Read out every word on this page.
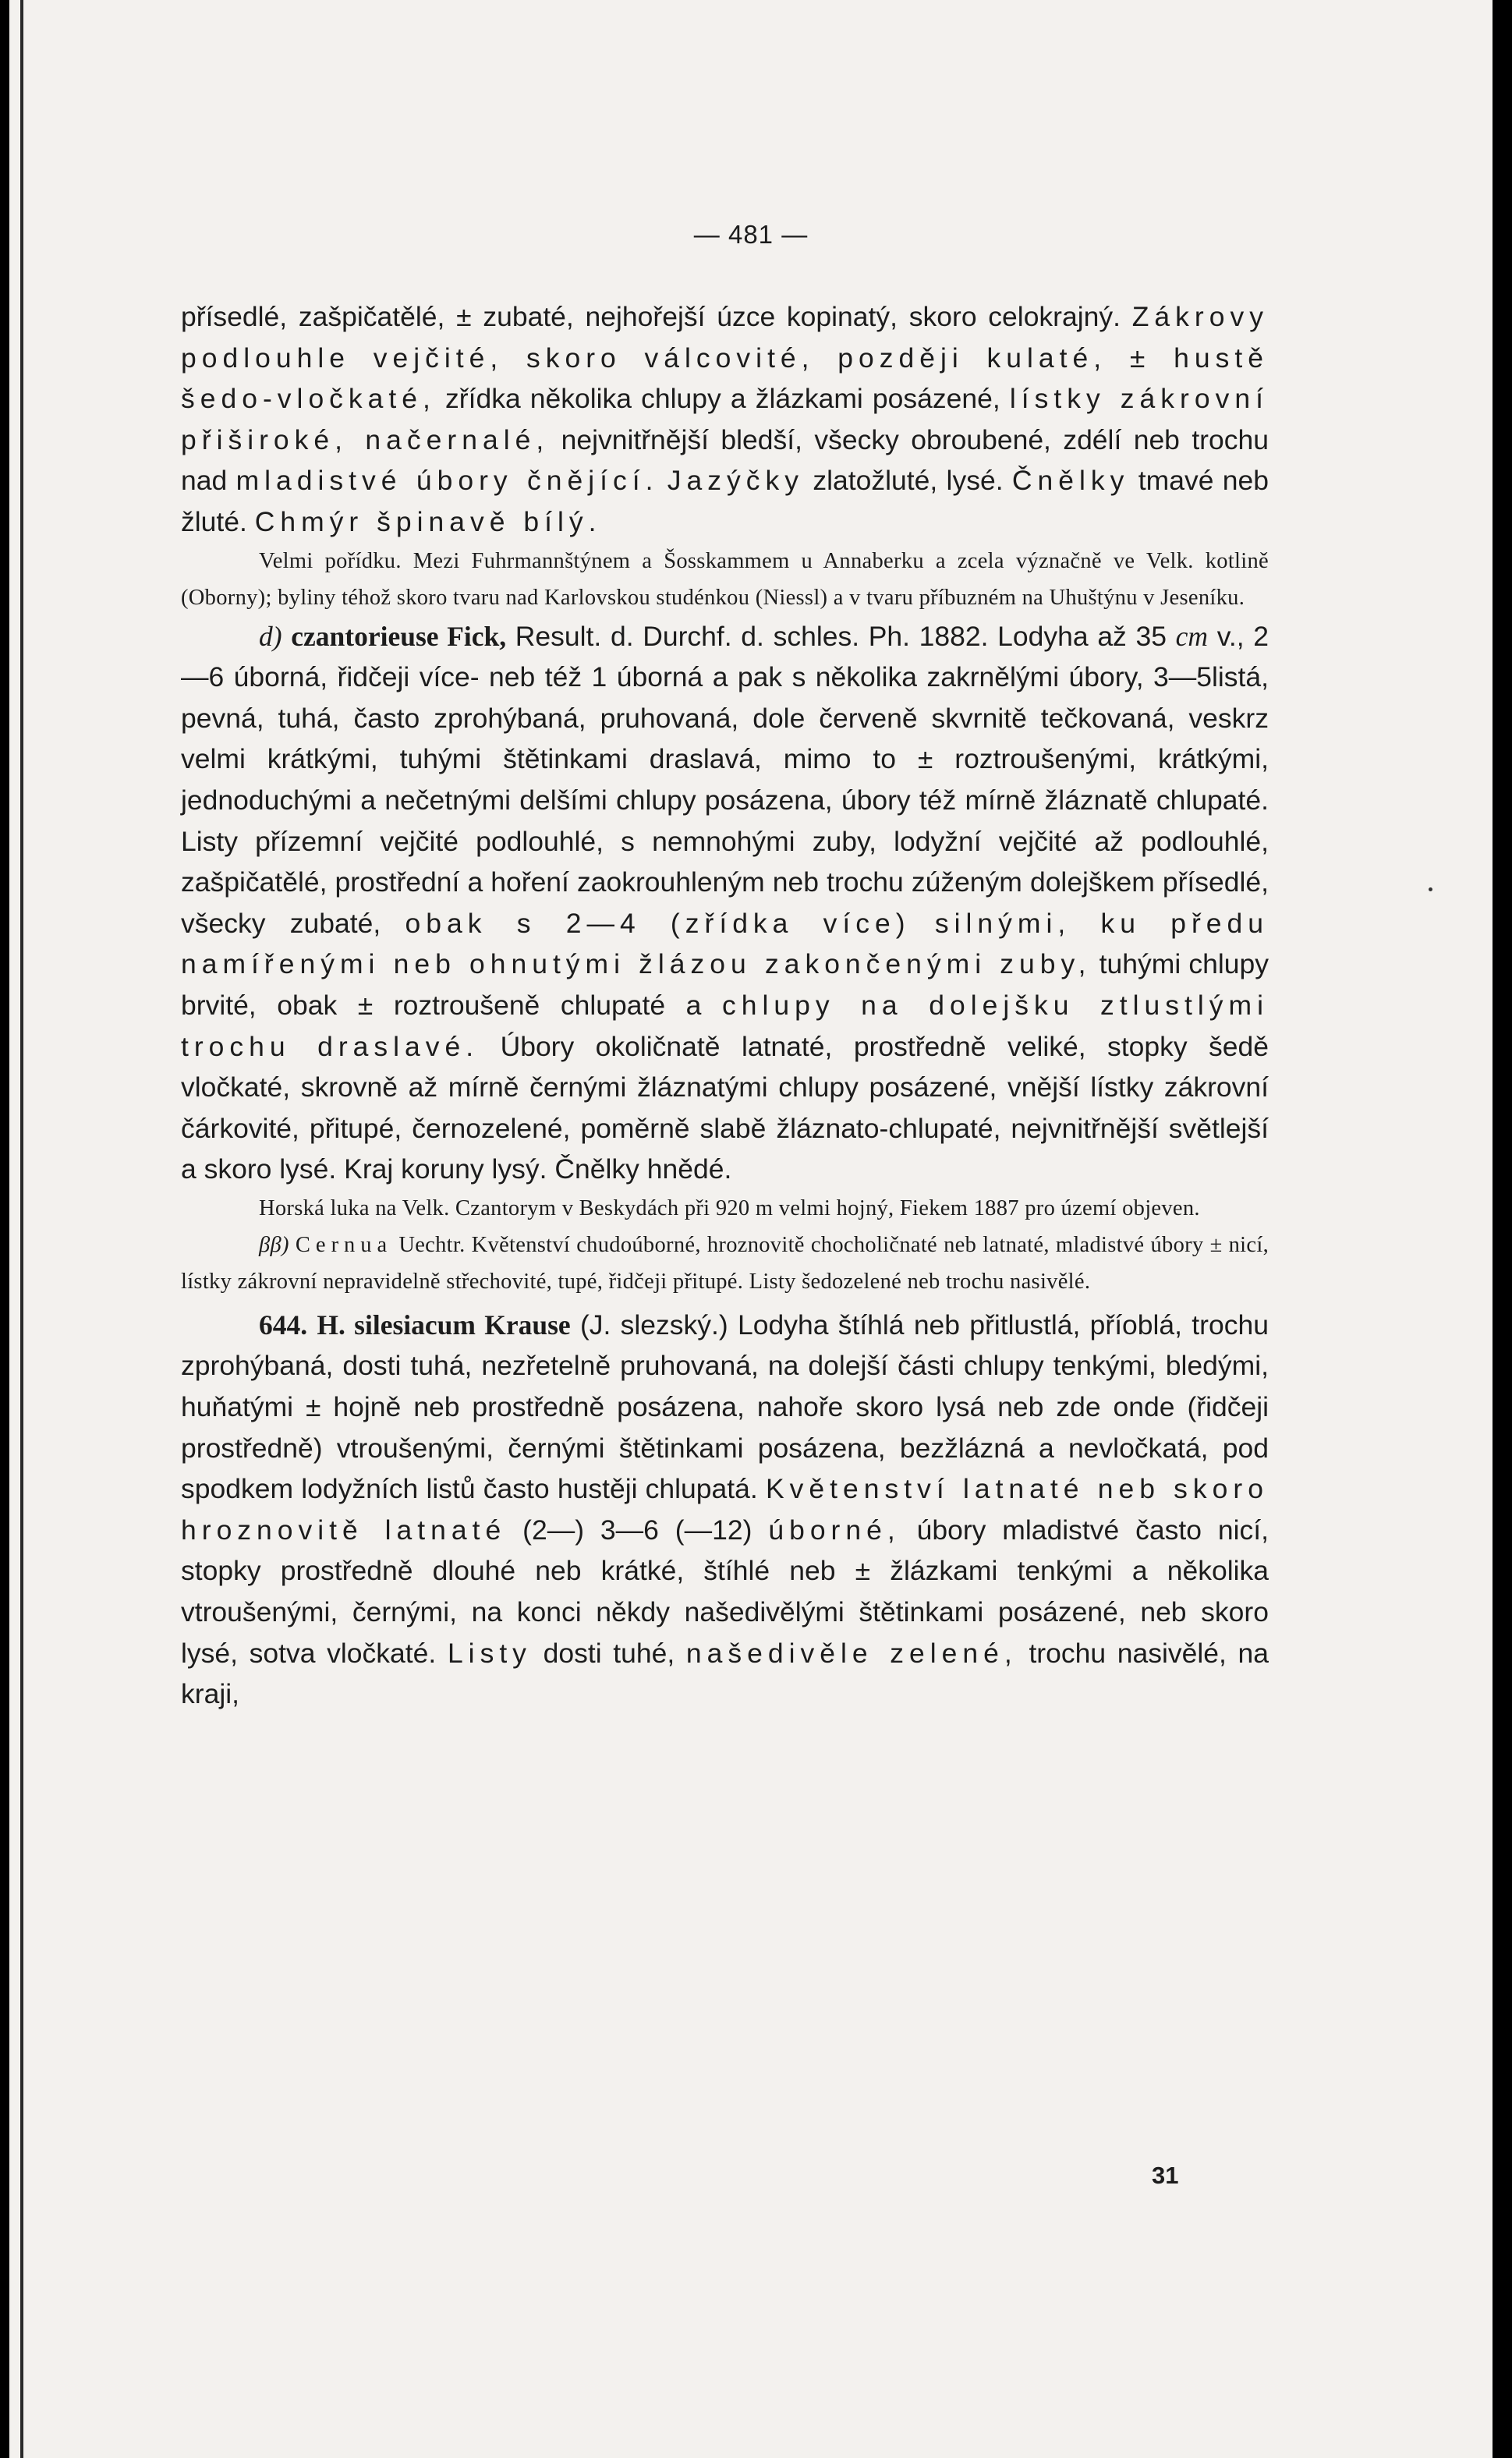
— 481 —

přísedlé, zašpičatělé, ± zubaté, nejhořejší úzce kopinatý, skoro celokrajný. Zákrovy podlouhle vejčité, skoro válcovité, později kulaté, ± hustě šedo-vločkaté, zřídka několika chlupy a žlázkami posázené, lístky zákrovní přiširoké, načernalé, nejvnitřnější bledší, všecky obroubené, zdélí neb trochu nad mladistvé úbory čnějící. Jazýčky zlatožluté, lysé. Čnělky tmavé neb žluté. Chmýr špinavě bílý.

Velmi pořídku. Mezi Fuhrmannštýnem a Šosskammem u Annaberku a zcela význačně ve Velk. kotlině (Oborny); byliny téhož skoro tvaru nad Karlovskou studénkou (Niessl) a v tvaru příbuzném na Uhuštýnu v Jeseníku.

d) czantorieuse Fick, Result. d. Durchf. d. schles. Ph. 1882. Lodyha až 35 cm v., 2—6 úborná, řidčeji více- neb též 1 úborná a pak s několika zakrnělými úbory, 3—5listá, pevná, tuhá, často zprohýbaná, pruhovaná, dole červeně skvrnitě tečkovaná, veskrz velmi krátkými, tuhými štětinkami draslavá, mimo to ± roztroušenými, krátkými, jednoduchými a nečetnými delšími chlupy posázena, úbory též mírně žláznatě chlupaté. Listy přízemní vejčité podlouhlé, s nemnohými zuby, lodyžní vejčité až podlouhlé, zašpičatělé, prostřední a hoření zaokrouhleným neb trochu zúženým dolejškem přísedlé, všecky zubaté, obak s 2—4 (zřídka více) silnými, ku předu namířenými neb ohnutými žlázou zakončenými zuby, tuhými chlupy brvité, obak ± roztroušeně chlupaté a chlupy na dolejšku ztlustlými trochu draslavé. Úbory okoličnatě latnaté, prostředně veliké, stopky šedě vločkaté, skrovně až mírně černými žláznatými chlupy posázené, vnější lístky zákrovní čárkovité, přitupé, černozelené, poměrně slabě žláznato-chlupaté, nejvnitřnější světlejší a skoro lysé. Kraj koruny lysý. Čnělky hnědé.

Horská luka na Velk. Czantorym v Beskydách při 920 m velmi hojný, Fiekem 1887 pro území objeven.

ββ) Cernua Uechtr. Květenství chudoúborné, hroznovitě chocholičnaté neb latnaté, mladistvé úbory ± nicí, lístky zákrovní nepravidelně střechovité, tupé, řidčeji přitupé. Listy šedozelené neb trochu nasivělé.

644. H. silesiacum Krause (J. slezský.) Lodyha štíhlá neb přitlustlá, příoblá, trochu zprohýbaná, dosti tuhá, nezřetelně pruhovaná, na dolejší části chlupy tenkými, bledými, huňatými ± hojně neb prostředně posázena, nahoře skoro lysá neb zde onde (řidčeji prostředně) vtroušenými, černými štětinkami posázena, bezžlázná a nevločkatá, pod spodkem lodyžních listů často hustěji chlupatá. Květenství latnaté neb skoro hroznovitě latnaté (2—) 3—6 (—12) úborné, úbory mladistvé často nicí, stopky prostředně dlouhé neb krátké, štíhlé neb ± žlázkami tenkými a několika vtroušenými, černými, na konci někdy našedivělými štětinkami posázené, neb skoro lysé, sotva vločkaté. Listy dosti tuhé, našedivěle zelené, trochu nasivělé, na kraji,

31
